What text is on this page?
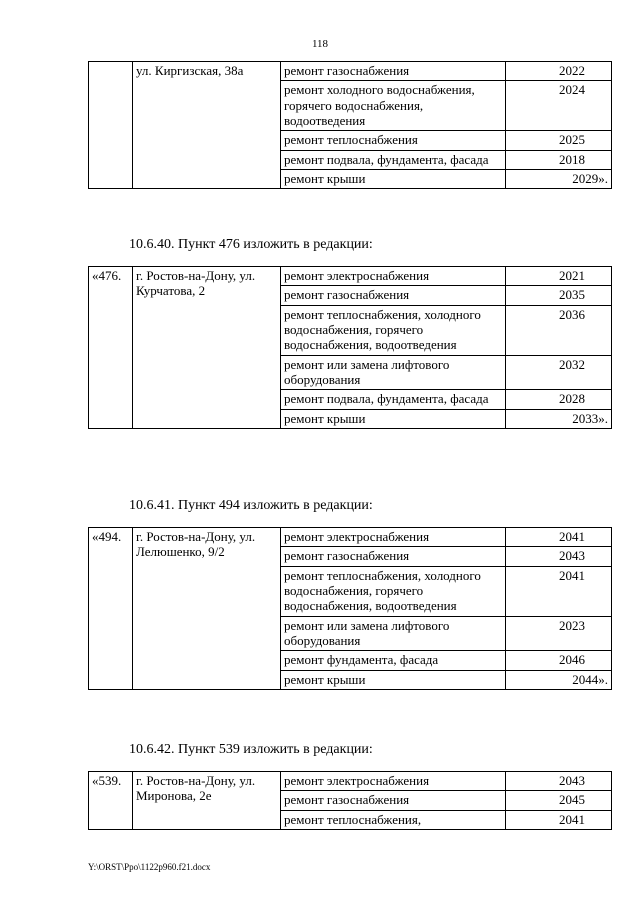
118
	ул. Киргизская, 38а	ремонт газоснабжения	2022
		ремонт холодного водоснабжения, горячего водоснабжения, водоотведения	2024
		ремонт теплоснабжения	2025
		ремонт подвала, фундамента, фасада	2018
		ремонт крыши	2029».
10.6.40. Пункт 476 изложить в редакции:
«476.	г. Ростов-на-Дону, ул. Курчатова, 2	ремонт электроснабжения	2021
		ремонт газоснабжения	2035
		ремонт теплоснабжения, холодного водоснабжения, горячего водоснабжения, водоотведения	2036
		ремонт или замена лифтового оборудования	2032
		ремонт подвала, фундамента, фасада	2028
		ремонт крыши	2033».
10.6.41. Пункт 494 изложить в редакции:
«494.	г. Ростов-на-Дону, ул. Лелюшенко, 9/2	ремонт электроснабжения	2041
		ремонт газоснабжения	2043
		ремонт теплоснабжения, холодного водоснабжения, горячего водоснабжения, водоотведения	2041
		ремонт или замена лифтового оборудования	2023
		ремонт фундамента, фасада	2046
		ремонт крыши	2044».
10.6.42. Пункт 539 изложить в редакции:
«539.	г. Ростов-на-Дону, ул. Миронова, 2е	ремонт электроснабжения	2043
		ремонт газоснабжения	2045
		ремонт теплоснабжения,	2041
Y:\ORST\Ppo\1122p960.f21.docx
